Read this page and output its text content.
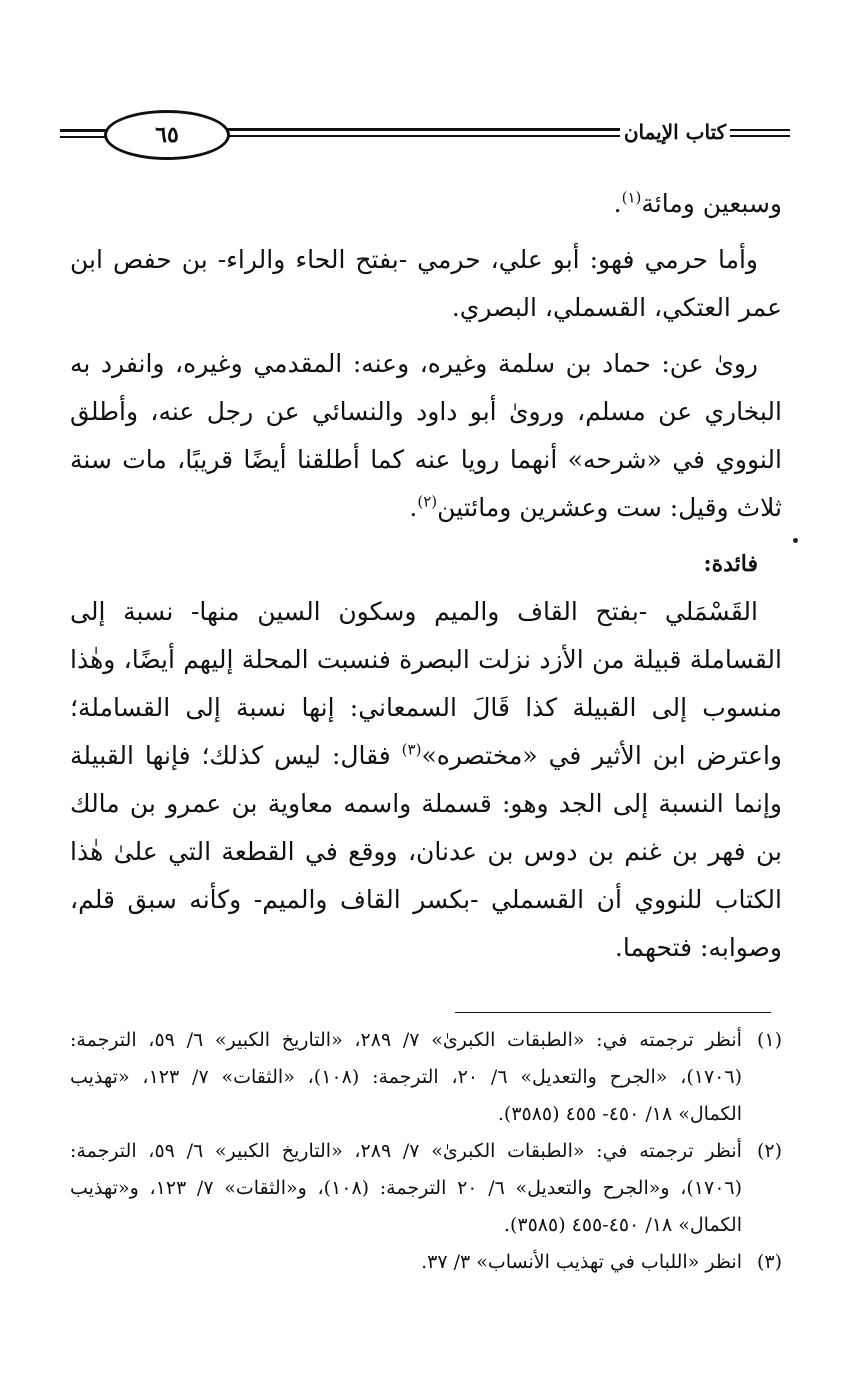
٦٥	كتاب الإيمان

وسبعين ومائة$^{(١)}$.

وأما حرمي فهو: أبو علي، حرمي -بفتح الحاء والراء- بن حفص ابن عمر العتكي، القسملي، البصري.

روىٰ عن: حماد بن سلمة وغيره، وعنه: المقدمي وغيره، وانفرد به البخاري عن مسلم، وروىٰ أبو داود والنسائي عن رجل عنه، وأطلق النووي في «شرحه» أنهما رويا عنه كما أطلقنا أيضًا قريبًا، مات سنة ثلاث وقيل: ست وعشرين ومائتين$^{(٢)}$.

فائدة:

القَسْمَلي -بفتح القاف والميم وسكون السين منها- نسبة إلى القساملة قبيلة من الأزد نزلت البصرة فنسبت المحلة إليهم أيضًا، وهٰذا منسوب إلى القبيلة كذا قَالَ السمعاني: إنها نسبة إلى القساملة؛ واعترض ابن الأثير في «مختصره»$^{(٣)}$ فقال: ليس كذلك؛ فإنها القبيلة وإنما النسبة إلى الجد وهو: قسملة واسمه معاوية بن عمرو بن مالك بن فهر بن غنم بن دوس بن عدنان، ووقع في القطعة التي علىٰ هٰذا الكتاب للنووي أن القسملي -بكسر القاف والميم- وكأنه سبق قلم، وصوابه: فتحهما.

(١)
أنظر ترجمته في: «الطبقات الكبرىٰ» ٧/ ٢٨٩، «التاريخ الكبير» ٦/ ٥٩، الترجمة: (١٧٠٦)، «الجرح والتعديل» ٦/ ٢٠، الترجمة: (١٠٨)، «الثقات» ٧/ ١٢٣، «تهذيب الكمال» ١٨/ ٤٥٠- ٤٥٥ (٣٥٨٥).
(٢)
أنظر ترجمته في: «الطبقات الكبرىٰ» ٧/ ٢٨٩، «التاريخ الكبير» ٦/ ٥٩، الترجمة: (١٧٠٦)، و«الجرح والتعديل» ٦/ ٢٠ الترجمة: (١٠٨)، و«الثقات» ٧/ ١٢٣، و«تهذيب الكمال» ١٨/ ٤٥٠-٤٥٥ (٣٥٨٥).
(٣)
انظر «اللباب في تهذيب الأنساب» ٣/ ٣٧.
